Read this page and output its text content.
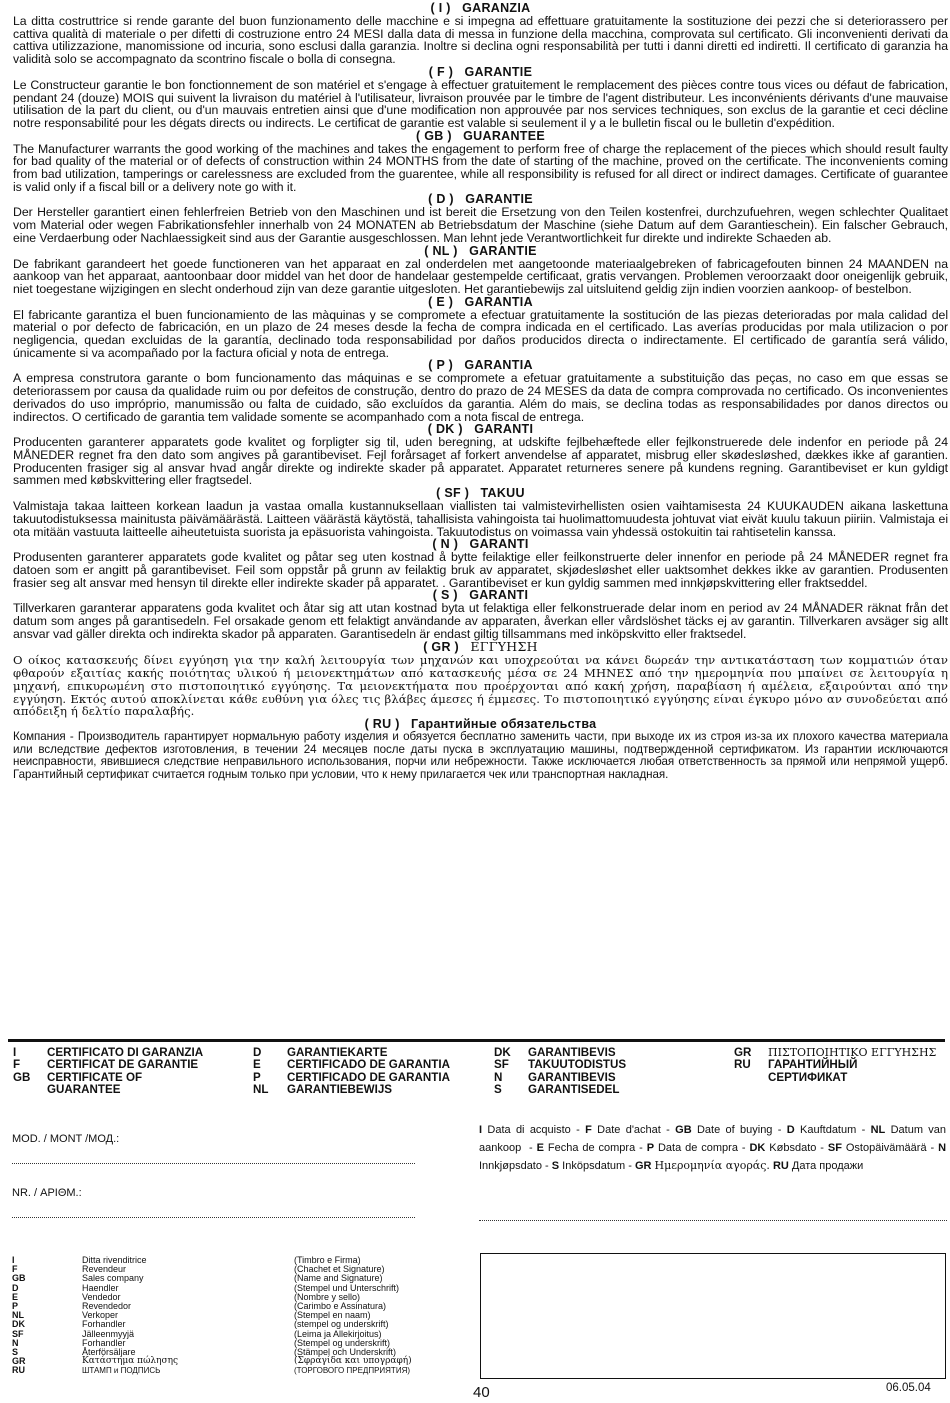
( I ) GARANZIA

La ditta costruttrice si rende garante del buon funzionamento delle macchine e si impegna ad effettuare gratuitamente la sostituzione dei pezzi che si deteriorassero per cattiva qualità di materiale o per difetti di costruzione entro 24 MESI dalla data di messa in funzione della macchina, comprovata sul certificato. Gli inconvenienti derivati da cattiva utilizzazione, manomissione od incuria, sono esclusi dalla garanzia. Inoltre si declina ogni responsabilità per tutti i danni diretti ed indiretti. Il certificato di garanzia ha validità solo se accompagnato da scontrino fiscale o bolla di consegna.

( F ) GARANTIE

Le Constructeur garantie le bon fonctionnement de son matériel et s'engage à effectuer gratuitement le remplacement des pièces contre tous vices ou défaut de fabrication, pendant 24 (douze) MOIS qui suivent la livraison du matériel à l'utilisateur, livraison prouvée par le timbre de l'agent distributeur. Les inconvénients dérivants d'une mauvaise utilisation de la part du client, ou d'un mauvais entretien ainsi que d'une modification non approuvée par nos services techniques, son exclus de la garantie et ceci décline notre responsabilité pour les dégats directs ou indirects. Le certificat de garantie est valable si seulement il y a le bulletin fiscal ou le bulletin d'expédition.

( GB ) GUARANTEE

The Manufacturer warrants the good working of the machines and takes the engagement to perform free of charge the replacement of the pieces which should result faulty for bad quality of the material or of defects of construction within 24 MONTHS from the date of starting of the machine, proved on the certificate. The inconvenients coming from bad utilization, tamperings or carelessness are excluded from the guarentee, while all responsibility is refused for all direct or indirect damages. Certificate of guarantee is valid only if a fiscal bill or a delivery note go with it.

( D ) GARANTIE

Der Hersteller garantiert einen fehlerfreien Betrieb von den Maschinen und ist bereit die Ersetzung von den Teilen kostenfrei, durchzufuehren, wegen schlechter Qualitaet vom Material oder wegen Fabrikationsfehler innerhalb von 24 MONATEN ab Betriebsdatum der Maschine (siehe Datum auf dem Garantieschein). Ein falscher Gebrauch, eine Verdaerbung oder Nachlaessigkeit sind aus der Garantie ausgeschlossen. Man lehnt jede Verantwortlichkeit fur direkte und indirekte Schaeden ab.

( NL ) GARANTIE

De fabrikant garandeert het goede functioneren van het apparaat en zal onderdelen met aangetoonde materiaalgebreken of fabricagefouten binnen 24 MAANDEN na aankoop van het apparaat, aantoonbaar door middel van het door de handelaar gestempelde certificaat, gratis vervangen. Problemen veroorzaakt door oneigenlijk gebruik, niet toegestane wijzigingen en slecht onderhoud zijn van deze garantie uitgesloten. Het garantiebewijs zal uitsluitend geldig zijn indien voorzien aankoop- of bestelbon.

( E ) GARANTIA

El fabricante garantiza el buen funcionamiento de las màquinas y se compromete a efectuar gratuitamente la sostitución de las piezas deterioradas por mala calidad del material o por defecto de fabricación, en un plazo de 24 meses desde la fecha de compra indicada en el certificado. Las averías producidas por mala utilizacion o por negligencia, quedan excluidas de la garantía, declinado toda responsabilidad por daños producidos directa o indirectamente. El certificado de garantía será válido, únicamente si va acompañado por la factura oficial y nota de entrega.

( P ) GARANTIA

A empresa construtora garante o bom funcionamento das máquinas e se compromete a efetuar gratuitamente a substituição das peças, no caso em que essas se deteriorassem por causa da qualidade ruim ou por defeitos de construção, dentro do prazo de 24 MESES da data de compra comprovada no certificado. Os inconvenientes derivados do uso impróprio, manumissão ou falta de cuidado, são excluídos da garantia. Além do mais, se declina todas as responsabilidades por danos directos ou indirectos. O certificado de garantia tem validade somente se acompanhado com a nota fiscal de entrega.

( DK ) GARANTI

Producenten garanterer apparatets gode kvalitet og forpligter sig til, uden beregning, at udskifte fejlbehæftede eller fejlkonstruerede dele indenfor en periode på 24 MÅNEDER regnet fra den dato som angives på garantibeviset. Fejl forårsaget af forkert anvendelse af apparatet, misbrug eller skødesløshed, dækkes ikke af garantien. Producenten frasiger sig al ansvar hvad angår direkte og indirekte skader på apparatet. Apparatet returneres senere på kundens regning. Garantibeviset er kun gyldigt sammen med købskvittering eller fragtsedel.

( SF ) TAKUU

Valmistaja takaa laitteen korkean laadun ja vastaa omalla kustannuksellaan viallisten tai valmistevirhellisten osien vaihtamisesta 24 KUUKAUDEN aikana laskettuna takuutodistuksessa mainitusta päivämäärästä. Laitteen väärästä käytöstä, tahallisista vahingoista tai huolimattomuudesta johtuvat viat eivät kuulu takuun piiriin. Valmistaja ei ota mitään vastuuta laitteelle aiheutetuista suorista ja epäsuorista vahingoista. Takuutodistus on voimassa vain yhdessä ostokuitin tai rahtisetelin kanssa.

( N ) GARANTI

Produsenten garanterer apparatets gode kvalitet og påtar seg uten kostnad å bytte feilaktige eller feilkonstruerte deler innenfor en periode på 24 MÅNEDER regnet fra datoen som er angitt på garantibeviset. Feil som oppstår på grunn av feilaktig bruk av apparatet, skjødesløshet eller uaktsomhet dekkes ikke av garantien. Produsenten frasier seg alt ansvar med hensyn til direkte eller indirekte skader på apparatet. . Garantibeviset er kun gyldig sammen med innkjøpskvittering eller fraktseddel.

( S ) GARANTI

Tillverkaren garanterar apparatens goda kvalitet och åtar sig att utan kostnad byta ut felaktiga eller felkonstruerade delar inom en period av 24 MÅNADER räknat från det datum som anges på garantisedeln. Fel orsakade genom ett felaktigt användande av apparaten, åverkan eller vårdslöshet täcks ej av garantin. Tillverkaren avsäger sig allt ansvar vad gäller direkta och indirekta skador på apparaten. Garantisedeln är endast giltig tillsammans med inköpskvitto eller fraktsedel.

( GR ) ΕΓΓΥΗΣΗ

Ο οίκος κατασκευής δίνει εγγύηση για την καλή λειτουργία των μηχανών και υποχρεούται να κάνει δωρεάν την αντικατάσταση των κομματιών όταν φθαρούν εξαιτίας κακής ποιότητας υλικού ή μειονεκτημάτων από κατασκευής μέσα σε 24 ΜΗΝΕΣ από την ημερομηνία που μπαίνει σε λειτουργία η μηχανή, επικυρωμένη στο πιστοποιητικό εγγύησης. Τα μειονεκτήματα που προέρχονται από κακή χρήση, παραβίαση ή αμέλεια, εξαιρούνται από την εγγύηση. Εκτός αυτού αποκλίνεται κάθε ευθύνη για όλες τις βλάβες άμεσες ή έμμεσες. Το πιστοποιητικό εγγύησης είναι έγκυρο μόνο αν συνοδεύεται από απόδειξη ή δελτίο παραλαβής.

( RU ) Гарантийные обязательства

Компания - Производитель гарантирует нормальную работу изделия и обязуется бесплатно заменить части, при выходе их из строя из-за их плохого качества материала или вследствие дефектов изготовления, в течении 24 месяцев после даты пуска в эксплуатацию машины, подтвержденной сертификатом. Из гарантии исключаются неисправности, явившиеся следствие неправильного использования, порчи или небрежности. Также исключается любая ответственность за прямой или непрямой ущерб. Гарантийный сертификат считается годным только при условии, что к нему прилагается чек или транспортная накладная.

I	CERTIFICATO DI GARANZIA
F	CERTIFICAT DE GARANTIE
GB	CERTIFICATE OF
GUARANTEE
D	GARANTIEKARTE
E	CERTIFICADO DE GARANTIA
P	CERTIFICADO DE GARANTIA
NL	GARANTIEBEWIJS
DK	GARANTIBEVIS
SF	TAKUUTODISTUS
N	GARANTIBEVIS
S	GARANTISEDEL
GR	ΠΙΣΤΟΠΟΙΗΤΙΚΟ ΕΓΓΥΗΣΗΣ
RU	ГАРАНТИЙНЫЙ
СЕРТИФИКАТ
MOD. / MONT /МОД.:
NR. / ΑΡΙΘΜ.:
I Data di acquisto - F Date d'achat - GB Date of buying - D Kauftdatum - NL Datum van aankoop  - E Fecha de compra - P Data de compra - DK Købsdato - SF Ostopäivämäärä - N Innkjøpsdato - S Inköpsdatum - GR Ημερομηνία αγοράς. RU Дата продажи
I	Ditta rivenditrice	(Timbro e Firma)
F	Revendeur	(Chachet et Signature)
GB	Sales company	(Name and Signature)
D	Haendler	(Stempel und Unterschrift)
E	Vendedor	(Nombre y sello)
P	Revendedor	(Carimbo e Assinatura)
NL	Verkoper	(Stempel en naam)
DK	Forhandler	(stempel og underskrift)
SF	Jälleenmyyjä	(Leima ja Allekirjoitus)
N	Forhandler	(Stempel og underskrift)
S	Återförsäljare	(Stämpel och Underskrift)
GR	Κατάστημα πώλησης	(Σφραγίδα και υπογραφή)
RU	ШТАМП и ПОДПИСЬ	(ТОРГОВОГО ПРЕДПРИЯТИЯ)
40	06.05.04
